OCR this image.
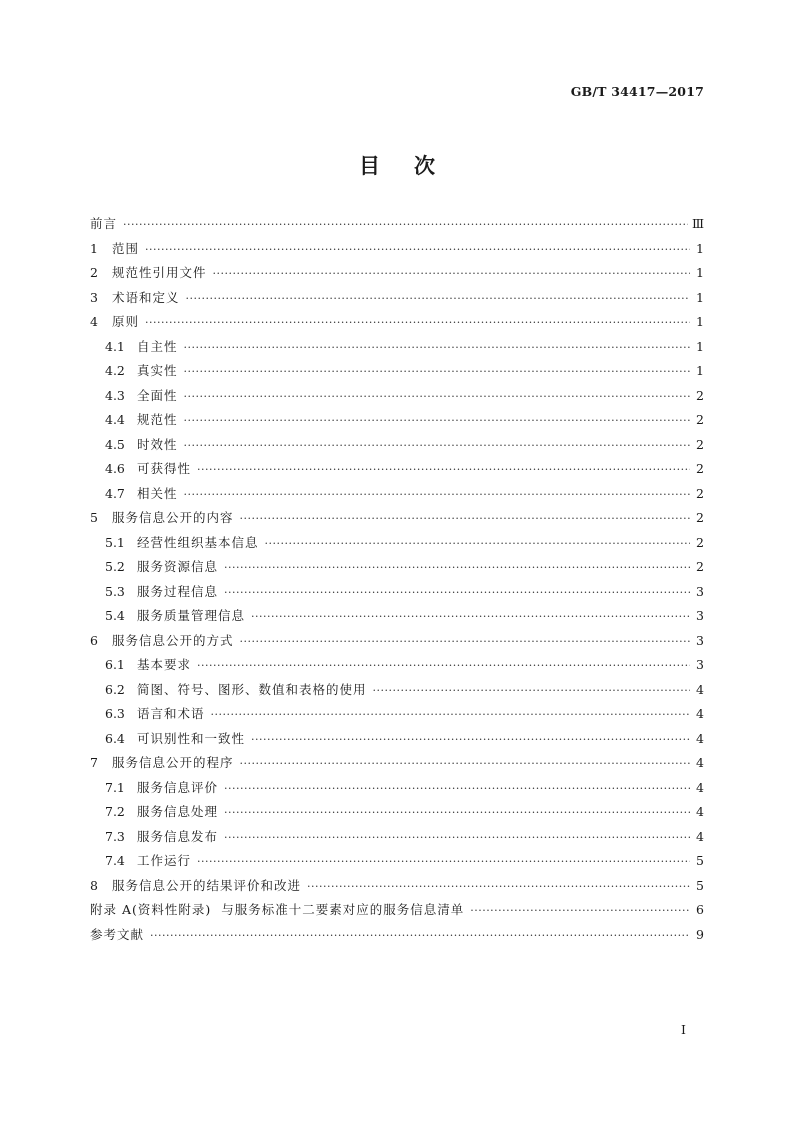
GB/T 34417—2017
目次
前言 ·····	Ⅲ
1	范围 ·····	1
2	规范性引用文件 ·····	1
3	术语和定义 ·····	1
4	原则 ·····	1
4.1 自主性 ·····	1
4.2 真实性 ·····	1
4.3 全面性 ·····	2
4.4 规范性 ·····	2
4.5 时效性 ·····	2
4.6 可获得性 ·····	2
4.7 相关性 ·····	2
5	服务信息公开的内容 ·····	2
5.1 经营性组织基本信息 ·····	2
5.2 服务资源信息 ·····	2
5.3 服务过程信息 ·····	3
5.4 服务质量管理信息 ·····	3
6	服务信息公开的方式 ·····	3
6.1 基本要求 ·····	3
6.2 简图、符号、图形、数值和表格的使用 ·····	4
6.3 语言和术语 ·····	4
6.4 可识别性和一致性 ·····	4
7	服务信息公开的程序 ·····	4
7.1 服务信息评价 ·····	4
7.2 服务信息处理 ·····	4
7.3 服务信息发布 ·····	4
7.4 工作运行 ·····	5
8	服务信息公开的结果评价和改进 ·····	5
附录 A(资料性附录)  与服务标准十二要素对应的服务信息清单 ·····	6
参考文献 ·····	9
I
